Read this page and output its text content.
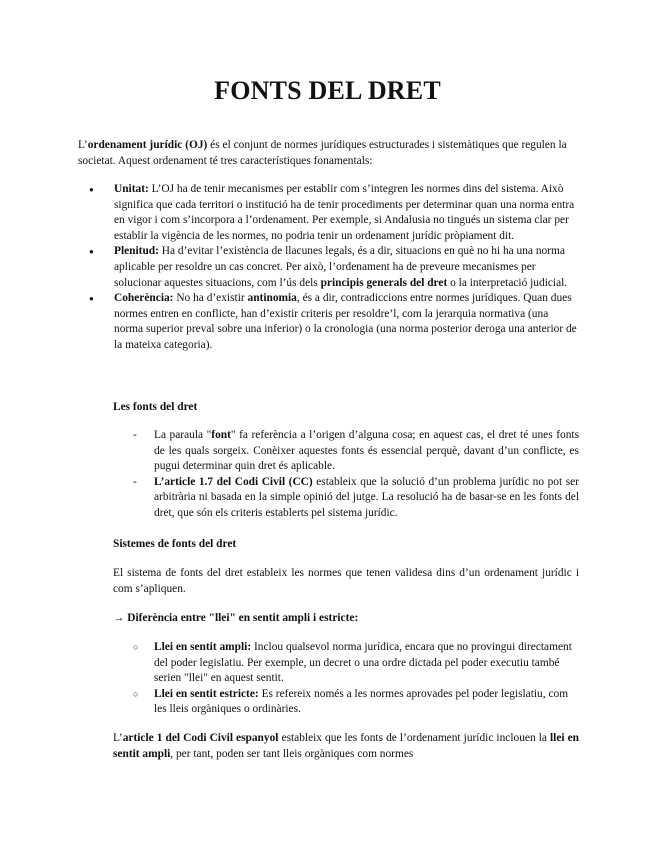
FONTS DEL DRET

L’ordenament jurídic (OJ) és el conjunt de normes jurídiques estructurades i sistemàtiques que regulen la societat. Aquest ordenament té tres característiques fonamentals:

● Unitat: L’OJ ha de tenir mecanismes per establir com s’integren les normes dins del sistema. Això significa que cada territori o institució ha de tenir procediments per determinar quan una norma entra en vigor i com s’incorpora a l’ordenament. Per exemple, si Andalusia no tingués un sistema clar per establir la vigència de les normes, no podria tenir un ordenament jurídic pròpiament dit.
● Plenitud: Ha d’evitar l’existència de llacunes legals, és a dir, situacions en què no hi ha una norma aplicable per resoldre un cas concret. Per això, l’ordenament ha de preveure mecanismes per solucionar aquestes situacions, com l’ús dels principis generals del dret o la interpretació judicial.
● Coherència: No ha d’existir antinomia, és a dir, contradiccions entre normes jurídiques. Quan dues normes entren en conflicte, han d’existir criteris per resoldre’l, com la jerarquia normativa (una norma superior preval sobre una inferior) o la cronologia (una norma posterior deroga una anterior de la mateixa categoria).
Les fonts del dret
- La paraula "font" fa referència a l’origen d’alguna cosa; en aquest cas, el dret té unes fonts de les quals sorgeix. Conèixer aquestes fonts és essencial perquè, davant d’un conflicte, es pugui determinar quin dret és aplicable.
- L’article 1.7 del Codi Civil (CC) estableix que la solució d’un problema jurídic no pot ser arbitrària ni basada en la simple opinió del jutge. La resolució ha de basar-se en les fonts del dret, que són els criteris establerts pel sistema jurídic.
Sistemes de fonts del dret

El sistema de fonts del dret estableix les normes que tenen validesa dins d’un ordenament jurídic i com s’apliquen.

→ Diferència entre "llei" en sentit ampli i estricte:
○ Llei en sentit ampli: Inclou qualsevol norma jurídica, encara que no provingui directament del poder legislatiu. Per exemple, un decret o una ordre dictada pel poder executiu també serien "llei" en aquest sentit.
○ Llei en sentit estricte: Es refereix només a les normes aprovades pel poder legislatiu, com les lleis orgàniques o ordinàries.

L’article 1 del Codi Civil espanyol estableix que les fonts de l’ordenament jurídic inclouen la llei en sentit ampli, per tant, poden ser tant lleis orgàniques com normes
